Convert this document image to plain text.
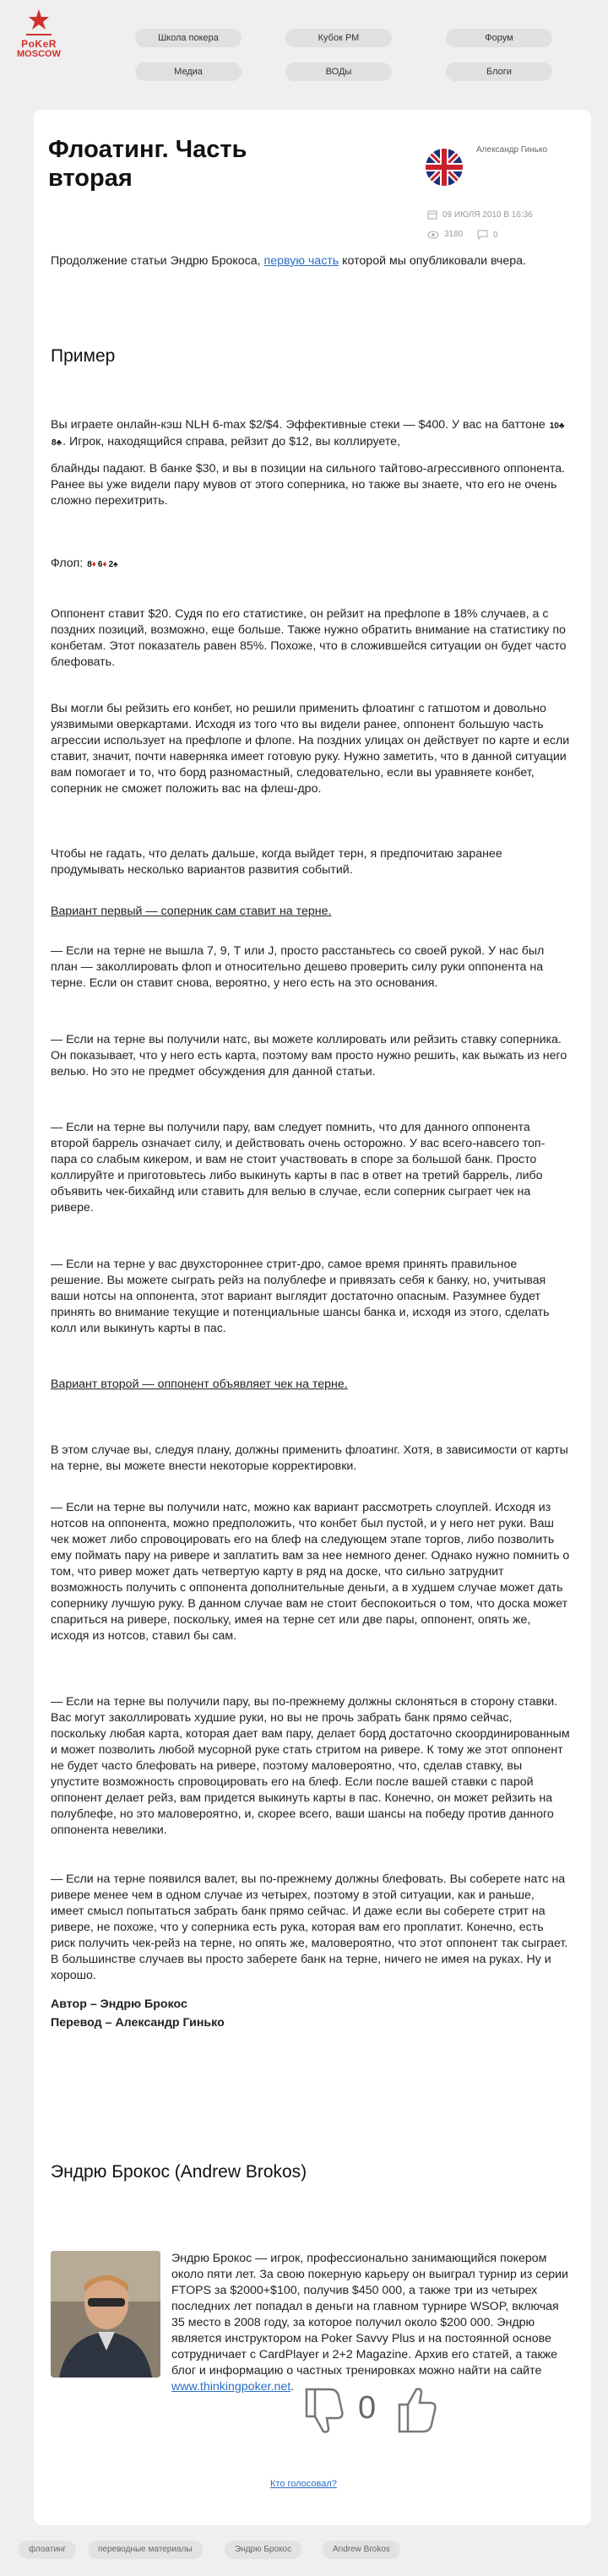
PoKeR
MOSCOW
Школа покера	Кубок РМ	Форум
Медиа	ВОДы	Блоги
Флоатинг. Часть вторая
Александр Гинько
09 ИЮЛЯ 2010 В 16:36
3180	0
Продолжение статьи Эндрю Брокоса, первую часть которой мы опубликовали вчера.
Пример
Вы играете онлайн-кэш NLH 6-max $2/$4. Эффективные стеки — $400. У вас на баттоне 10♣8♣. Игрок, находящийся справа, рейзит до $12, вы коллируете,
блайнды падают. В банке $30, и вы в позиции на сильного тайтово-агрессивного оппонента. Ранее вы уже видели пару мувов от этого соперника, но также вы знаете, что его не очень сложно перехитрить.
Флоп: 8♦ 6♦ 2♠
Оппонент ставит $20. Судя по его статистике, он рейзит на префлопе в 18% случаев, а с поздних позиций, возможно, еще больше. Также нужно обратить внимание на статистику по конбетам. Этот показатель равен 85%. Похоже, что в сложившейся ситуации он будет часто блефовать.
Вы могли бы рейзить его конбет, но решили применить флоатинг с гатшотом и довольно уязвимыми оверкартами. Исходя из того что вы видели ранее, оппонент большую часть агрессии использует на префлопе и флопе. На поздних улицах он действует по карте и если ставит, значит, почти наверняка имеет готовую руку. Нужно заметить, что в данной ситуации вам помогает и то, что борд разномастный, следовательно, если вы уравняете конбет, соперник не сможет положить вас на флеш-дро.
Чтобы не гадать, что делать дальше, когда выйдет терн, я предпочитаю заранее продумывать несколько вариантов развития событий.
Вариант первый — соперник сам ставит на терне.
— Если на терне не вышла 7, 9, Т или J, просто расстаньтесь со своей рукой. У нас был план — заколлировать флоп и относительно дешево проверить силу руки оппонента на терне. Если он ставит снова, вероятно, у него есть на это основания.
— Если на терне вы получили натс, вы можете коллировать или рейзить ставку соперника. Он показывает, что у него есть карта, поэтому вам просто нужно решить, как выжать из него велью. Но это не предмет обсуждения для данной статьи.
— Если на терне вы получили пару, вам следует помнить, что для данного оппонента второй баррель означает силу, и действовать очень осторожно. У вас всего-навсего топ-пара со слабым кикером, и вам не стоит участвовать в споре за большой банк. Просто коллируйте и приготовьтесь либо выкинуть карты в пас в ответ на третий баррель, либо объявить чек-бихайнд или ставить для велью в случае, если соперник сыграет чек на ривере.
— Если на терне у вас двухстороннее стрит-дро, самое время принять правильное решение. Вы можете сыграть рейз на полублефе и привязать себя к банку, но, учитывая ваши нотсы на оппонента, этот вариант выглядит достаточно опасным. Разумнее будет принять во внимание текущие и потенциальные шансы банка и, исходя из этого, сделать колл или выкинуть карты в пас.
Вариант второй — оппонент объявляет чек на терне.
В этом случае вы, следуя плану, должны применить флоатинг. Хотя, в зависимости от карты на терне, вы можете внести некоторые корректировки.
— Если на терне вы получили натс, можно как вариант рассмотреть слоуплей. Исходя из нотсов на оппонента, можно предположить, что конбет был пустой, и у него нет руки. Ваш чек может либо спровоцировать его на блеф на следующем этапе торгов, либо позволить ему поймать пару на ривере и заплатить вам за нее немного денег. Однако нужно помнить о том, что ривер может дать четвертую карту в ряд на доске, что сильно затруднит возможность получить с оппонента дополнительные деньги, а в худшем случае может дать сопернику лучшую руку. В данном случае вам не стоит беспокоиться о том, что доска может спариться на ривере, поскольку, имея на терне сет или две пары, оппонент, опять же, исходя из нотсов, ставил бы сам.
— Если на терне вы получили пару, вы по-прежнему должны склоняться в сторону ставки. Вас могут заколлировать худшие руки, но вы не прочь забрать банк прямо сейчас, поскольку любая карта, которая дает вам пару, делает борд достаточно скоординированным и может позволить любой мусорной руке стать стритом на ривере. К тому же этот оппонент не будет часто блефовать на ривере, поэтому маловероятно, что, сделав ставку, вы упустите возможность спровоцировать его на блеф. Если после вашей ставки с парой оппонент делает рейз, вам придется выкинуть карты в пас. Конечно, он может рейзить на полублефе, но это маловероятно, и, скорее всего, ваши шансы на победу против данного оппонента невелики.
— Если на терне появился валет, вы по-прежнему должны блефовать. Вы соберете натс на ривере менее чем в одном случае из четырех, поэтому в этой ситуации, как и раньше, имеет смысл попытаться забрать банк прямо сейчас. И даже если вы соберете стрит на ривере, не похоже, что у соперника есть рука, которая вам его проплатит. Конечно, есть риск получить чек-рейз на терне, но опять же, маловероятно, что этот оппонент так сыграет. В большинстве случаев вы просто заберете банк на терне, ничего не имея на руках. Ну и хорошо.
Автор – Эндрю Брокос
Перевод – Александр Гинько
Эндрю Брокос (Andrew Brokos)
Эндрю Брокос — игрок, профессионально занимающийся покером около пяти лет. За свою покерную карьеру он выиграл турнир из серии FTOPS за $2000+$100, получив $450 000, а также три из четырех последних лет попадал в деньги на главном турнире WSOP, включая 35 место в 2008 году, за которое получил около $200 000. Эндрю является инструктором на Poker Savvy Plus и на постоянной основе сотрудничает с CardPlayer и 2+2 Magazine. Архив его статей, а также блог и информацию о частных тренировках можно найти на сайте www.thinkingpoker.net.
0
Кто голосовал?
флоатинг	переводные материалы	Эндрю Брокос	Andrew Brokos
